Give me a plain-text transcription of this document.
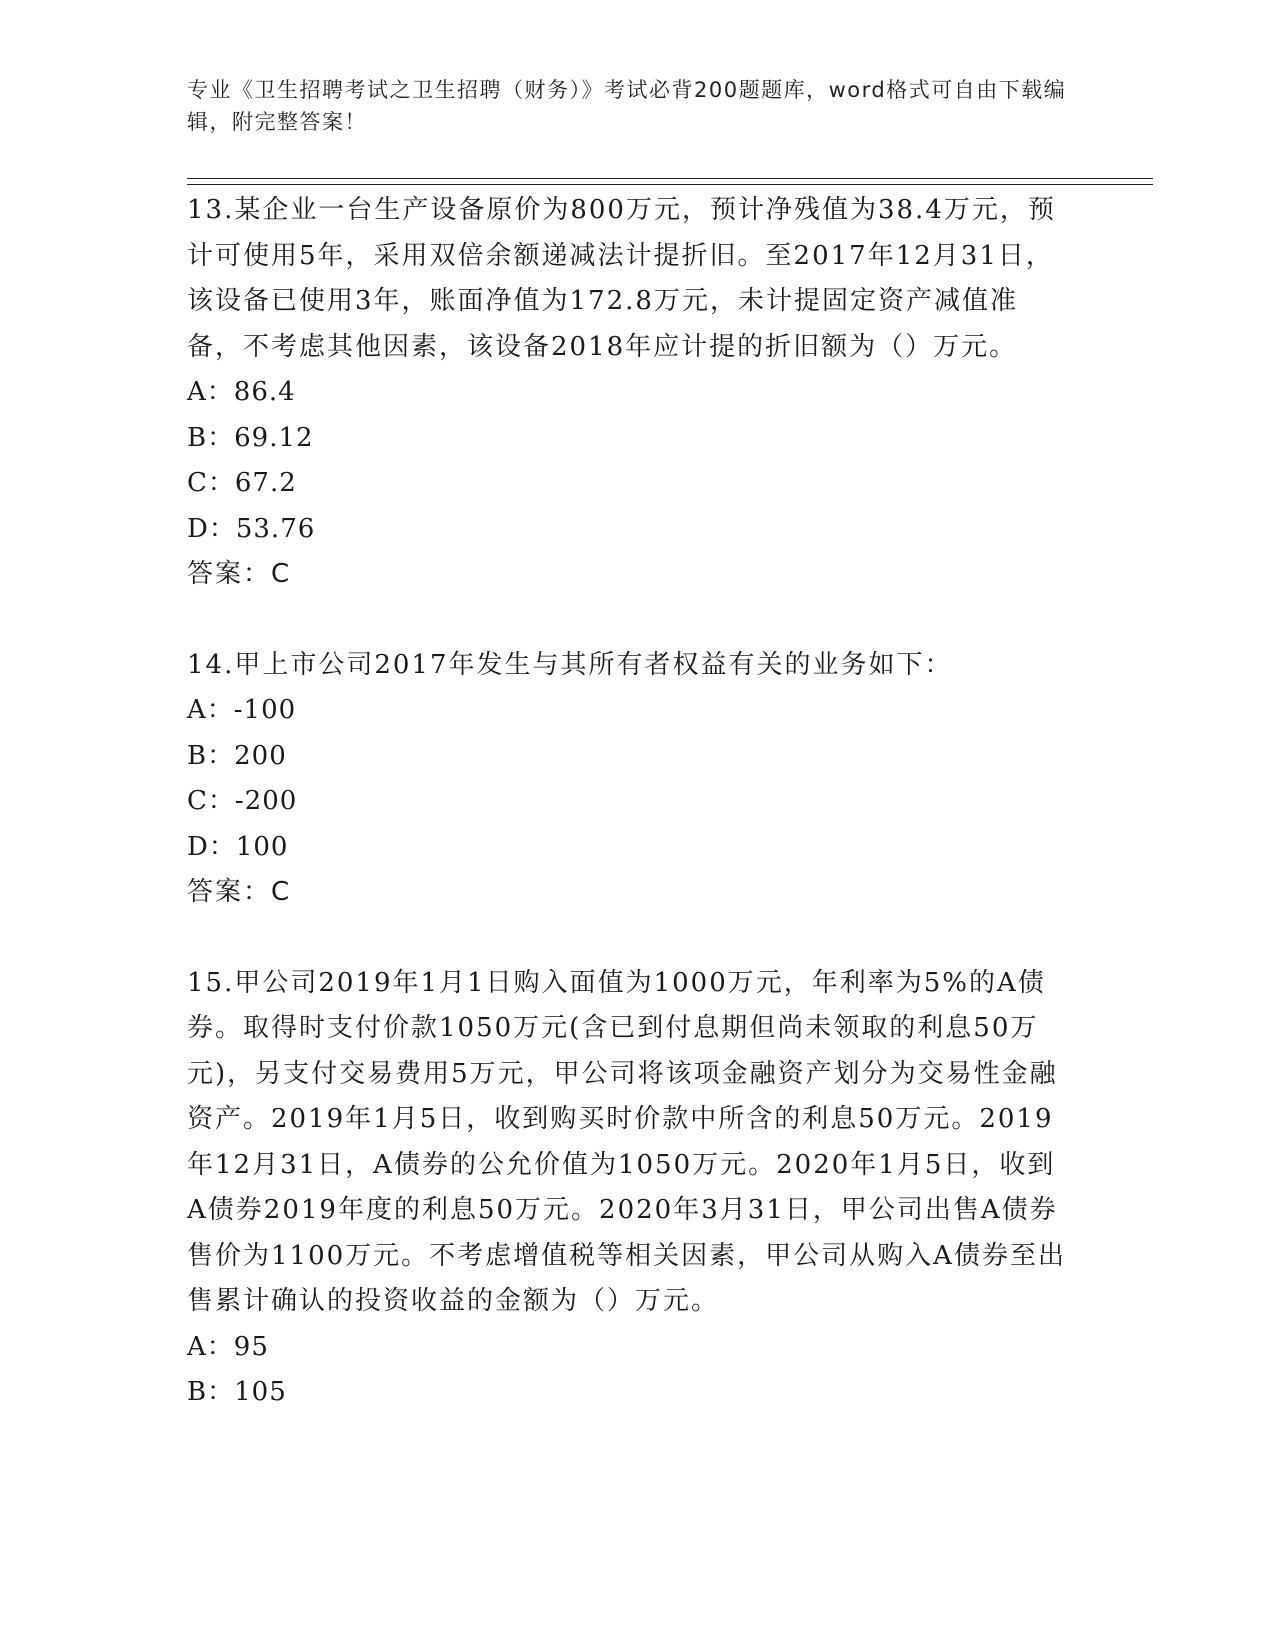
专业《卫生招聘考试之卫生招聘（财务）》考试必背200题题库，word格式可自由下载编辑，附完整答案！

13.某企业一台生产设备原价为800万元，预计净残值为38.4万元，预计可使用5年，采用双倍余额递减法计提折旧。至2017年12月31日，该设备已使用3年，账面净值为172.8万元，未计提固定资产减值准备，不考虑其他因素，该设备2018年应计提的折旧额为（）万元。

A：86.4

B：69.12

C：67.2

D：53.76

答案：C

14.甲上市公司2017年发生与其所有者权益有关的业务如下：

A：-100

B：200

C：-200

D：100

答案：C

15.甲公司2019年1月1日购入面值为1000万元，年利率为5%的A债券。取得时支付价款1050万元(含已到付息期但尚未领取的利息50万元)，另支付交易费用5万元，甲公司将该项金融资产划分为交易性金融资产。2019年1月5日，收到购买时价款中所含的利息50万元。2019年12月31日，A债券的公允价值为1050万元。2020年1月5日，收到A债券2019年度的利息50万元。2020年3月31日，甲公司出售A债券售价为1100万元。不考虑增值税等相关因素，甲公司从购入A债券至出售累计确认的投资收益的金额为（）万元。

A：95

B：105
